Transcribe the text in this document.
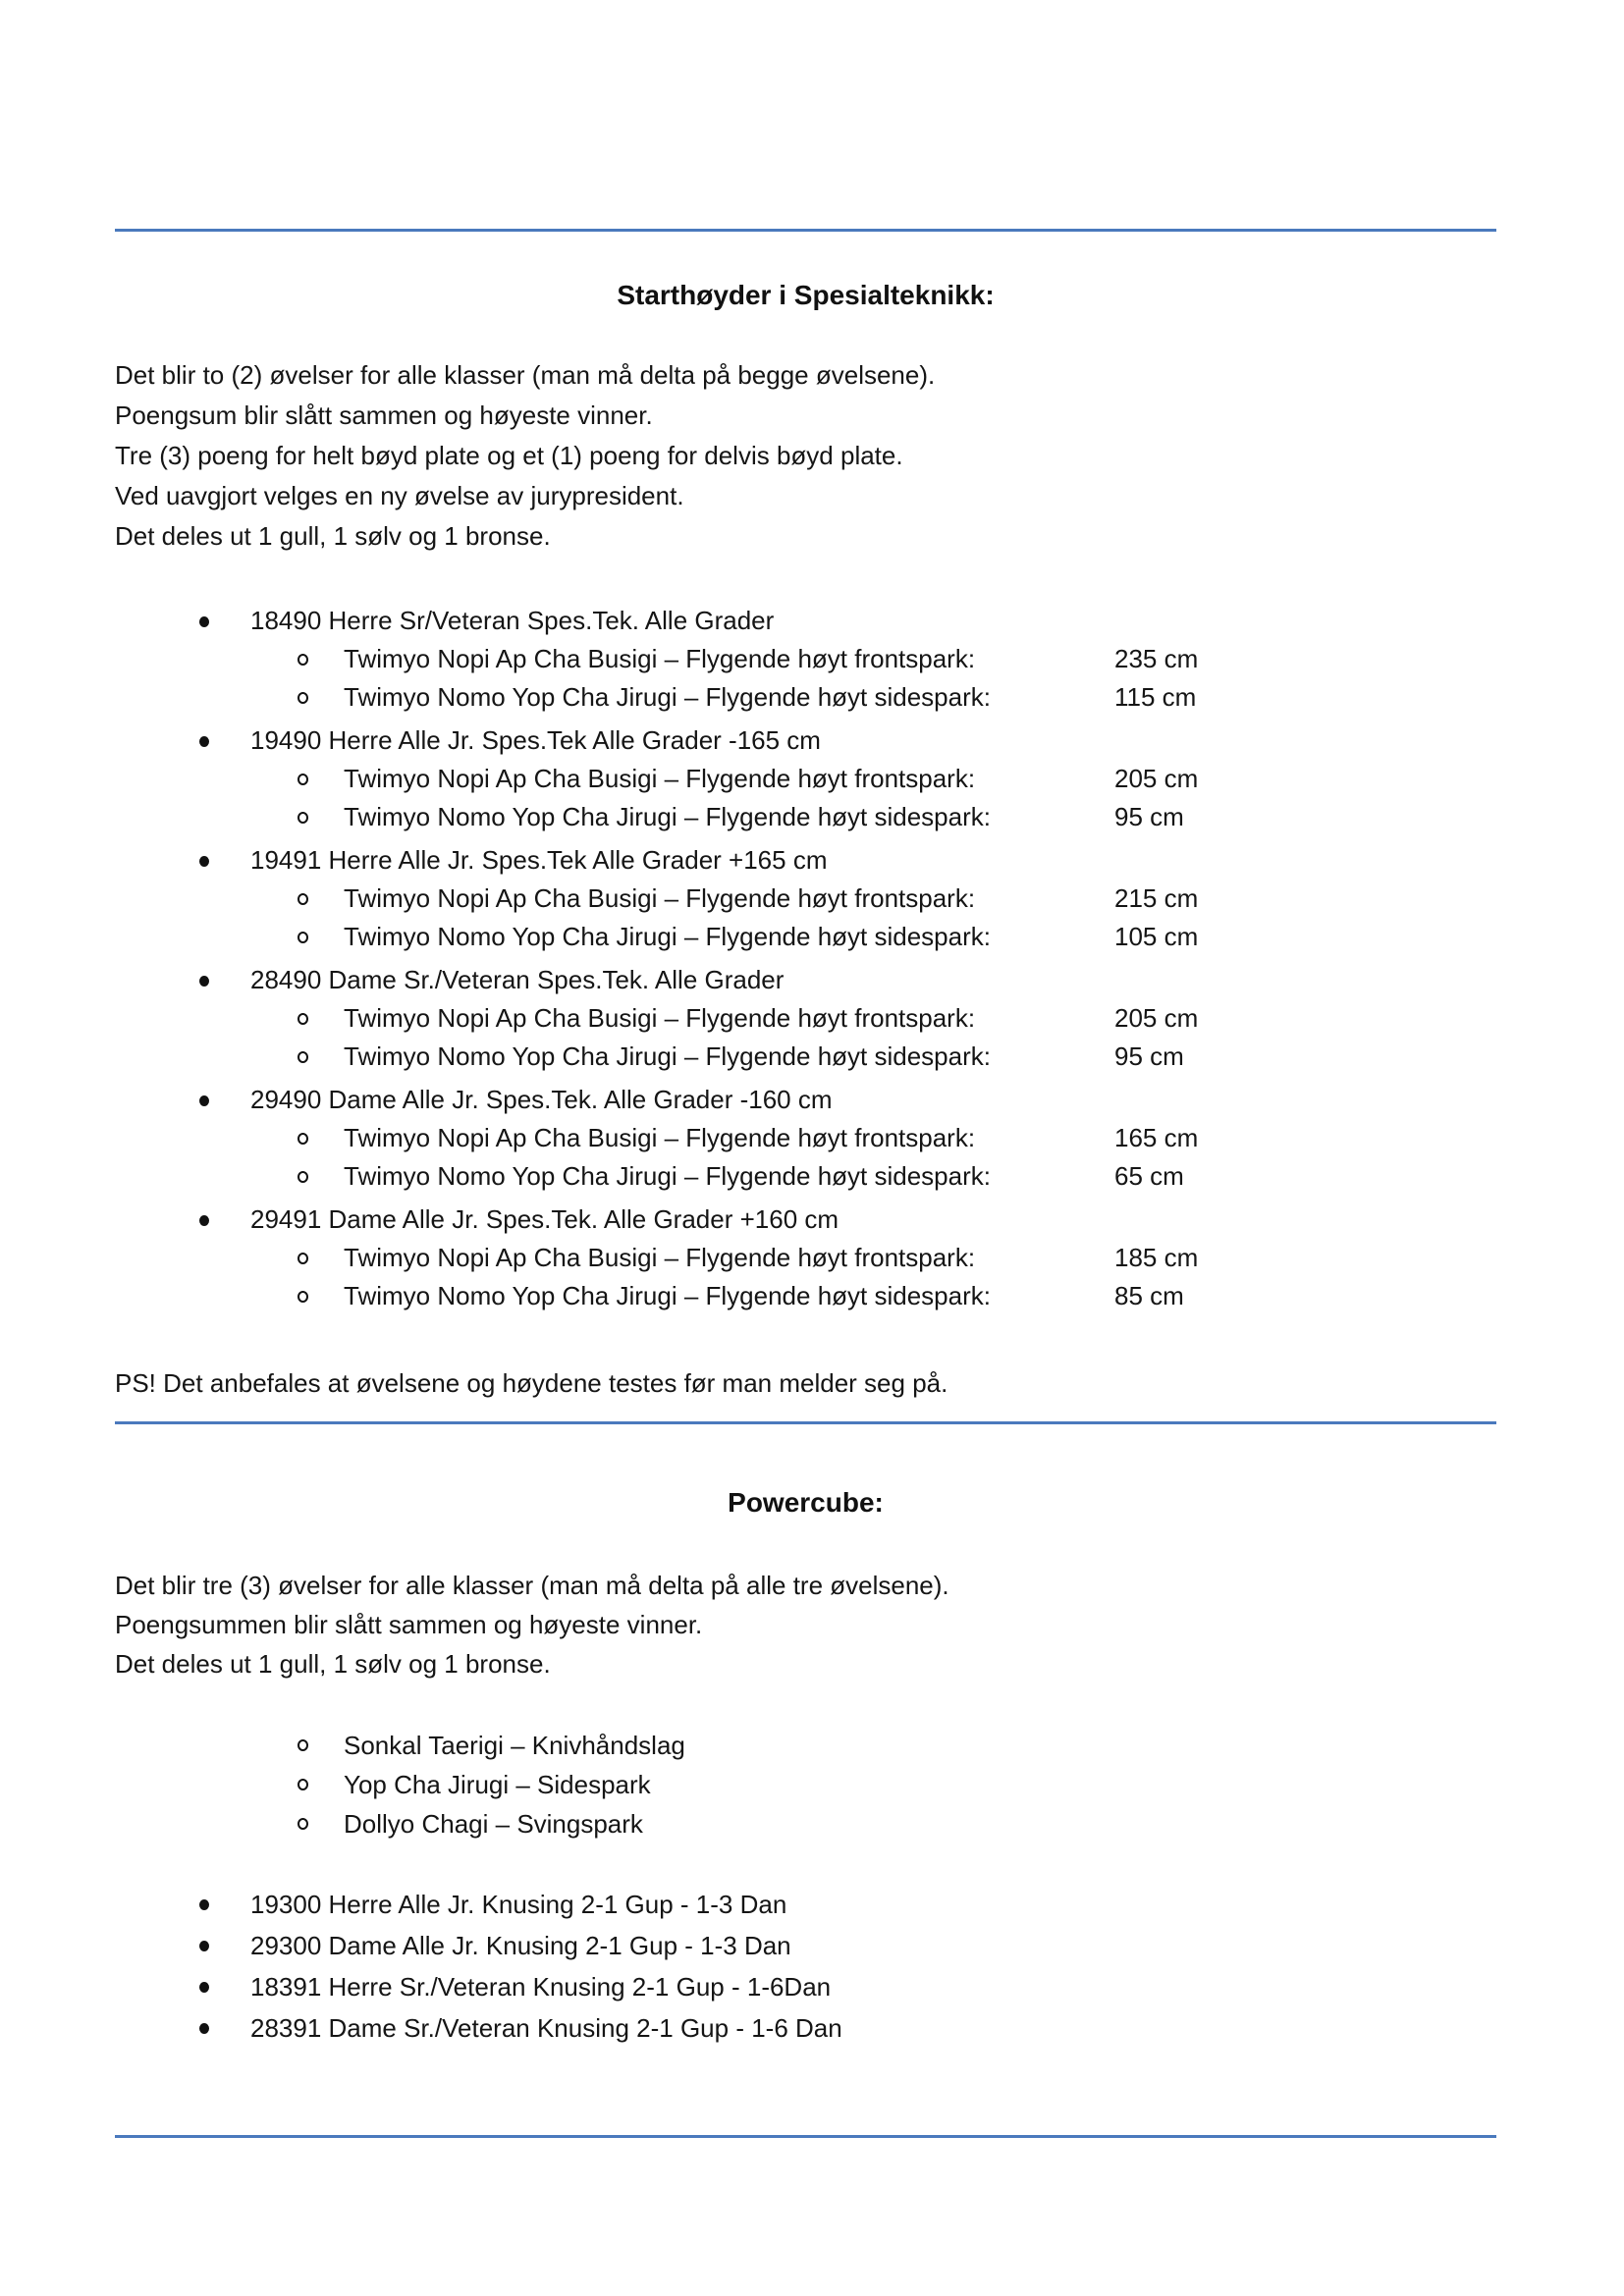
Starthøyder i Spesialteknikk:
Det blir to (2) øvelser for alle klasser (man må delta på begge øvelsene).
Poengsum blir slått sammen og høyeste vinner.
Tre (3) poeng for helt bøyd plate og et (1) poeng for delvis bøyd plate.
Ved uavgjort velges en ny øvelse av jurypresident.
Det deles ut 1 gull, 1 sølv og 1 bronse.
18490 Herre Sr/Veteran Spes.Tek. Alle Grader
Twimyo Nopi Ap Cha Busigi – Flygende høyt frontspark:	235 cm
Twimyo Nomo Yop Cha Jirugi – Flygende høyt sidespark:	115 cm
19490 Herre Alle Jr. Spes.Tek Alle Grader -165 cm
Twimyo Nopi Ap Cha Busigi – Flygende høyt frontspark:	205 cm
Twimyo Nomo Yop Cha Jirugi – Flygende høyt sidespark:	95 cm
19491 Herre Alle Jr. Spes.Tek Alle Grader +165 cm
Twimyo Nopi Ap Cha Busigi – Flygende høyt frontspark:	215 cm
Twimyo Nomo Yop Cha Jirugi – Flygende høyt sidespark:	105 cm
28490 Dame Sr./Veteran Spes.Tek. Alle Grader
Twimyo Nopi Ap Cha Busigi – Flygende høyt frontspark:	205 cm
Twimyo Nomo Yop Cha Jirugi – Flygende høyt sidespark:	95 cm
29490 Dame Alle Jr. Spes.Tek. Alle Grader -160 cm
Twimyo Nopi Ap Cha Busigi – Flygende høyt frontspark:	165 cm
Twimyo Nomo Yop Cha Jirugi – Flygende høyt sidespark:	65 cm
29491 Dame Alle Jr. Spes.Tek. Alle Grader +160 cm
Twimyo Nopi Ap Cha Busigi – Flygende høyt frontspark:	185 cm
Twimyo Nomo Yop Cha Jirugi – Flygende høyt sidespark:	85 cm

PS! Det anbefales at øvelsene og høydene testes før man melder seg på.

Powercube:
Det blir tre (3) øvelser for alle klasser (man må delta på alle tre øvelsene).
Poengsummen blir slått sammen og høyeste vinner.
Det deles ut 1 gull, 1 sølv og 1 bronse.
Sonkal Taerigi – Knivhåndslag
Yop Cha Jirugi – Sidespark
Dollyo Chagi – Svingspark
19300 Herre Alle Jr. Knusing 2-1 Gup - 1-3 Dan
29300 Dame Alle Jr. Knusing 2-1 Gup - 1-3 Dan
18391 Herre Sr./Veteran Knusing 2-1 Gup - 1-6Dan
28391 Dame Sr./Veteran Knusing 2-1 Gup - 1-6 Dan
